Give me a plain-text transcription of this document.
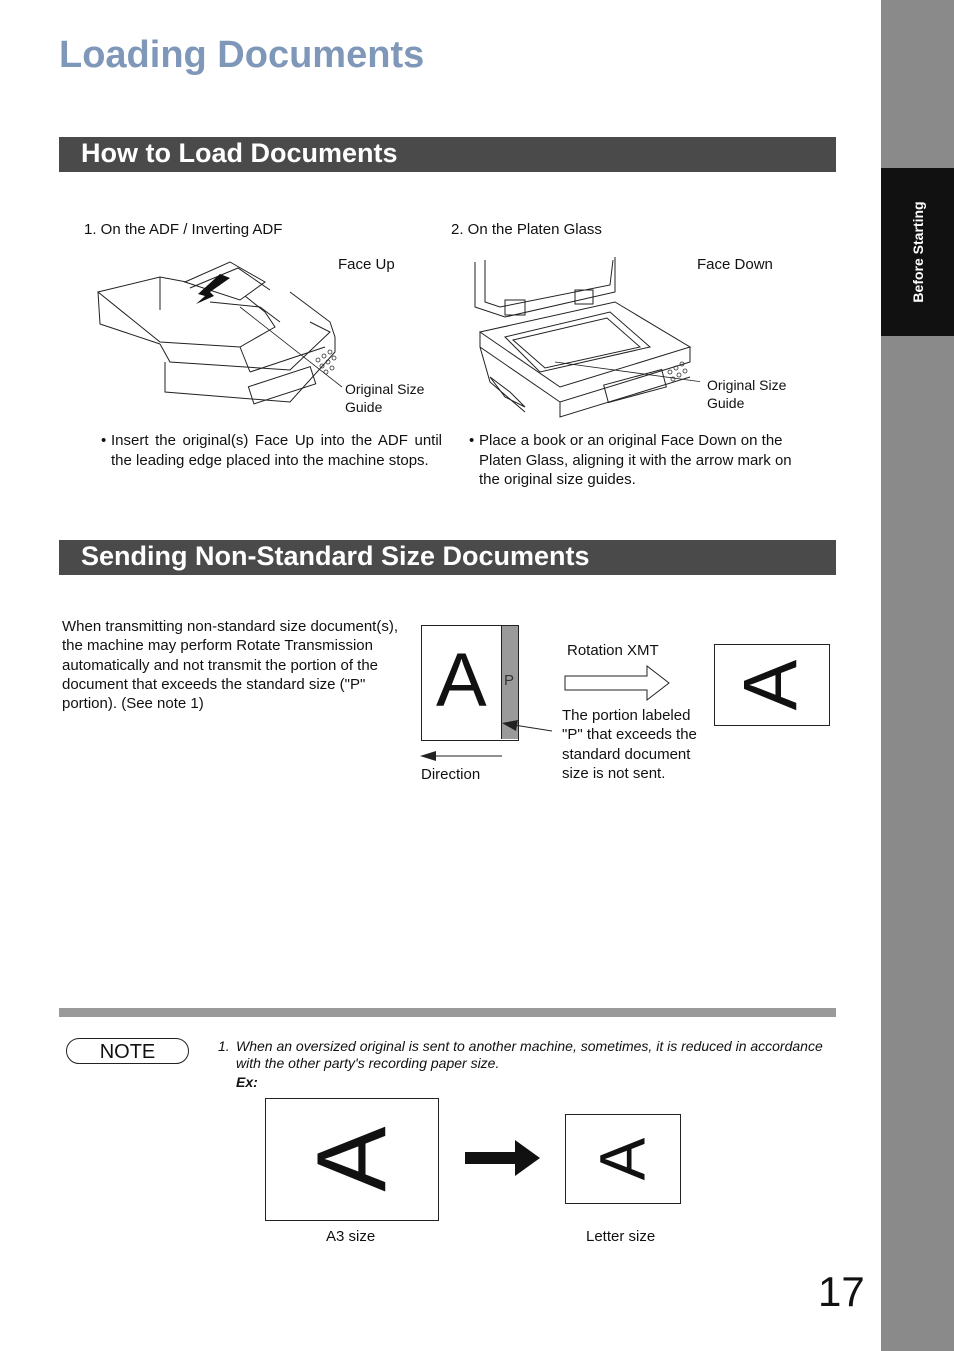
Before Starting
Loading Documents
How to Load Documents
1. On the ADF / Inverting ADF	2. On the Platen Glass
Face Up	Face Down
Original Size
Guide
Original Size
Guide
• Insert the original(s) Face Up into the ADF until the leading edge placed into the machine stops.
• Place a book or an original Face Down on the Platen Glass, aligning it with the arrow mark on the original size guides.
Sending Non-Standard Size Documents
When transmitting non-standard size document(s), the machine may perform Rotate Transmission automatically and not transmit the portion of the document that exceeds the standard size ("P" portion). (See note 1)	A P
Direction
Rotation XMT
The portion labeled "P" that exceeds the standard document size is not sent.
A
NOTE	1. When an oversized original is sent to another machine, sometimes, it is reduced in accordance with the other party's recording paper size.
Ex:
A	A
A3 size	Letter size
17
